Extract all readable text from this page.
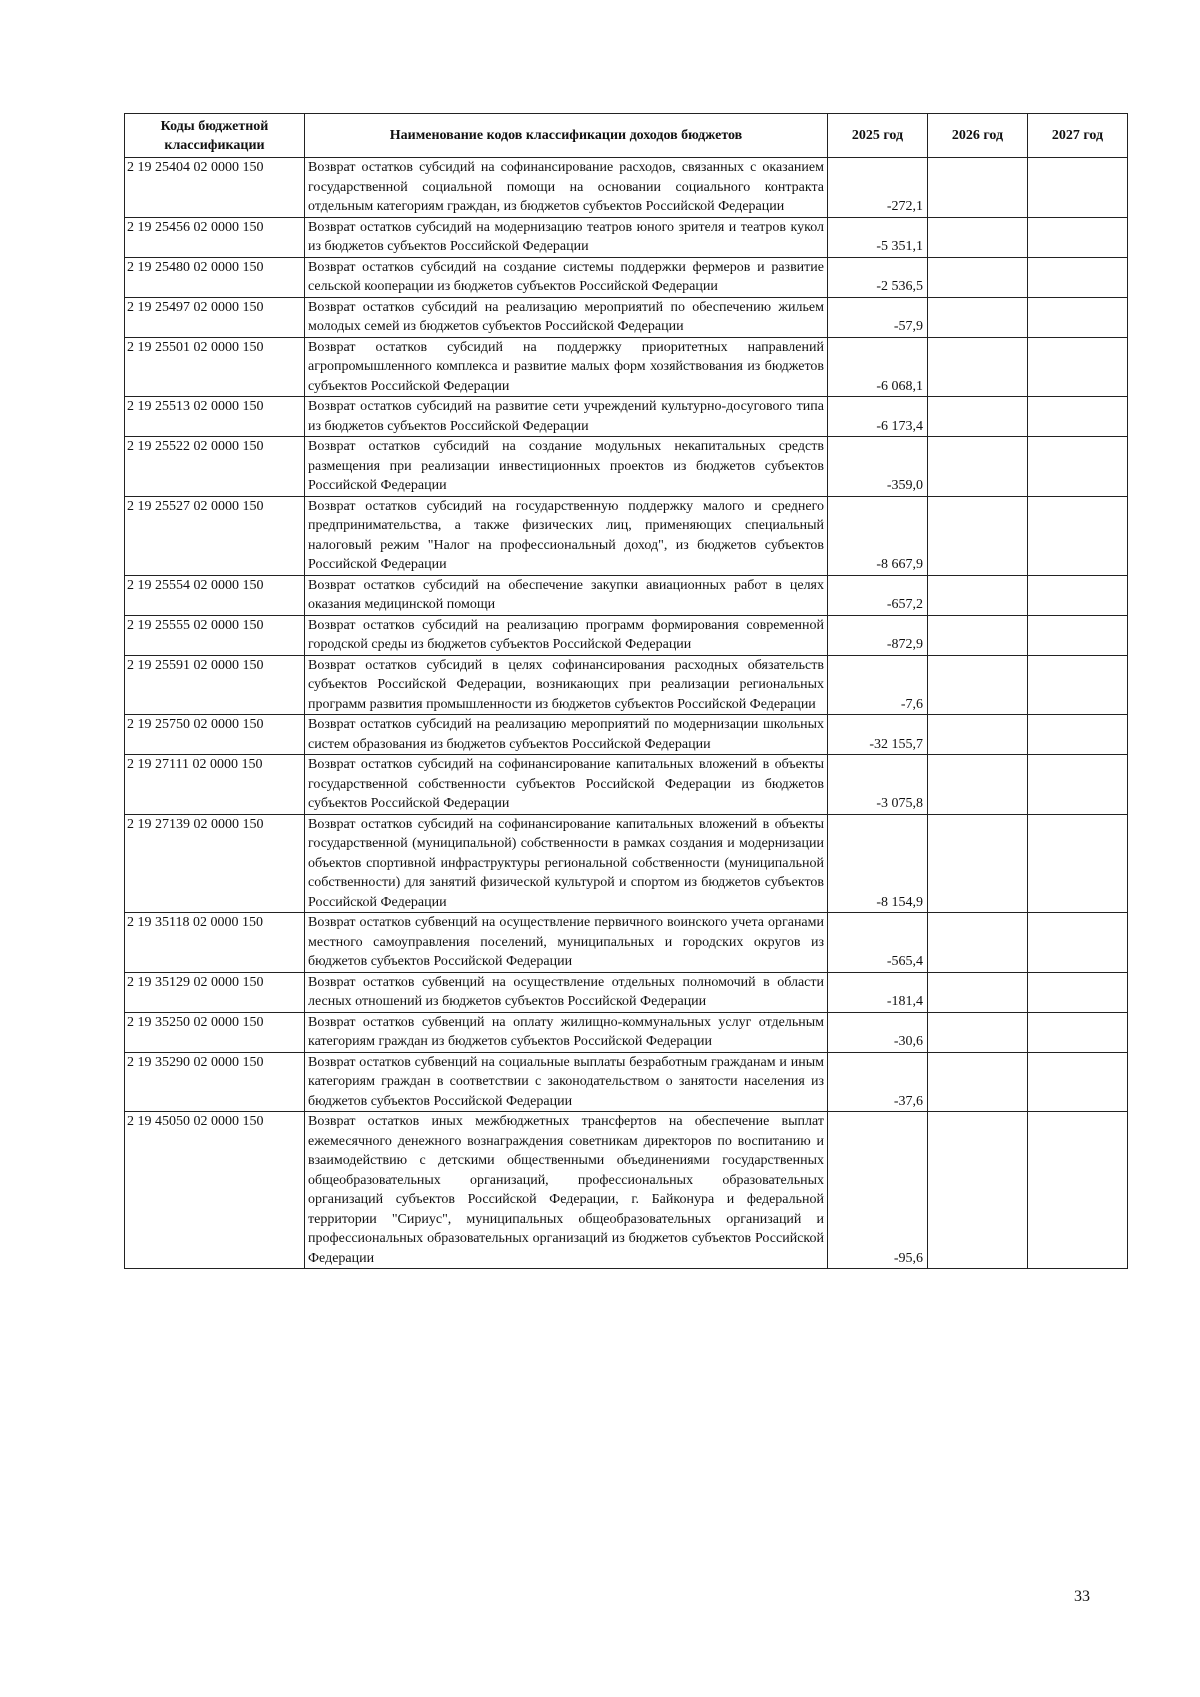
Коды бюджетной классификации	Наименование кодов классификации доходов бюджетов	2025 год	2026 год	2027 год
2 19 25404 02 0000 150	Возврат остатков субсидий на софинансирование расходов, связанных с оказанием государственной социальной помощи на основании социального контракта отдельным категориям граждан, из бюджетов субъектов Российской Федерации	-272,1		
2 19 25456 02 0000 150	Возврат остатков субсидий на модернизацию театров юного зрителя и театров кукол из бюджетов субъектов Российской Федерации	-5 351,1		
2 19 25480 02 0000 150	Возврат остатков субсидий на создание системы поддержки фермеров и развитие сельской кооперации из бюджетов субъектов Российской Федерации	-2 536,5		
2 19 25497 02 0000 150	Возврат остатков субсидий на реализацию мероприятий по обеспечению жильем молодых семей из бюджетов субъектов Российской Федерации	-57,9		
2 19 25501 02 0000 150	Возврат остатков субсидий на поддержку приоритетных направлений агропромышленного комплекса и развитие малых форм хозяйствования из бюджетов субъектов Российской Федерации	-6 068,1		
2 19 25513 02 0000 150	Возврат остатков субсидий на развитие сети учреждений культурно-досугового типа из бюджетов субъектов Российской Федерации	-6 173,4		
2 19 25522 02 0000 150	Возврат остатков субсидий на создание модульных некапитальных средств размещения при реализации инвестиционных проектов из бюджетов субъектов Российской Федерации	-359,0		
2 19 25527 02 0000 150	Возврат остатков субсидий на государственную поддержку малого и среднего предпринимательства, а также физических лиц, применяющих специальный налоговый режим "Налог на профессиональный доход", из бюджетов субъектов Российской Федерации	-8 667,9		
2 19 25554 02 0000 150	Возврат остатков субсидий на обеспечение закупки авиационных работ в целях оказания медицинской помощи	-657,2		
2 19 25555 02 0000 150	Возврат остатков субсидий на реализацию программ формирования современной городской среды из бюджетов субъектов Российской Федерации	-872,9		
2 19 25591 02 0000 150	Возврат остатков субсидий в целях софинансирования расходных обязательств субъектов Российской Федерации, возникающих при реализации региональных программ развития промышленности из бюджетов субъектов Российской Федерации	-7,6		
2 19 25750 02 0000 150	Возврат остатков субсидий на реализацию мероприятий по модернизации школьных систем образования из бюджетов субъектов Российской Федерации	-32 155,7		
2 19 27111 02 0000 150	Возврат остатков субсидий на софинансирование капитальных вложений в объекты государственной собственности субъектов Российской Федерации из бюджетов субъектов Российской Федерации	-3 075,8		
2 19 27139 02 0000 150	Возврат остатков субсидий на софинансирование капитальных вложений в объекты государственной (муниципальной) собственности в рамках создания и модернизации объектов спортивной инфраструктуры региональной собственности (муниципальной собственности) для занятий физической культурой и спортом из бюджетов субъектов Российской Федерации	-8 154,9		
2 19 35118 02 0000 150	Возврат остатков субвенций на осуществление первичного воинского учета органами местного самоуправления поселений, муниципальных и городских округов из бюджетов субъектов Российской Федерации	-565,4		
2 19 35129 02 0000 150	Возврат остатков субвенций на осуществление отдельных полномочий в области лесных отношений из бюджетов субъектов Российской Федерации	-181,4		
2 19 35250 02 0000 150	Возврат остатков субвенций на оплату жилищно-коммунальных услуг отдельным категориям граждан из бюджетов субъектов Российской Федерации	-30,6		
2 19 35290 02 0000 150	Возврат остатков субвенций на социальные выплаты безработным гражданам и иным категориям граждан в соответствии с законодательством о занятости населения из бюджетов субъектов Российской Федерации	-37,6		
2 19 45050 02 0000 150	Возврат остатков иных межбюджетных трансфертов на обеспечение выплат ежемесячного денежного вознаграждения советникам директоров по воспитанию и взаимодействию с детскими общественными объединениями государственных общеобразовательных организаций, профессиональных образовательных организаций субъектов Российской Федерации, г. Байконура и федеральной территории "Сириус", муниципальных общеобразовательных организаций и профессиональных образовательных организаций из бюджетов субъектов Российской Федерации	-95,6		
33
